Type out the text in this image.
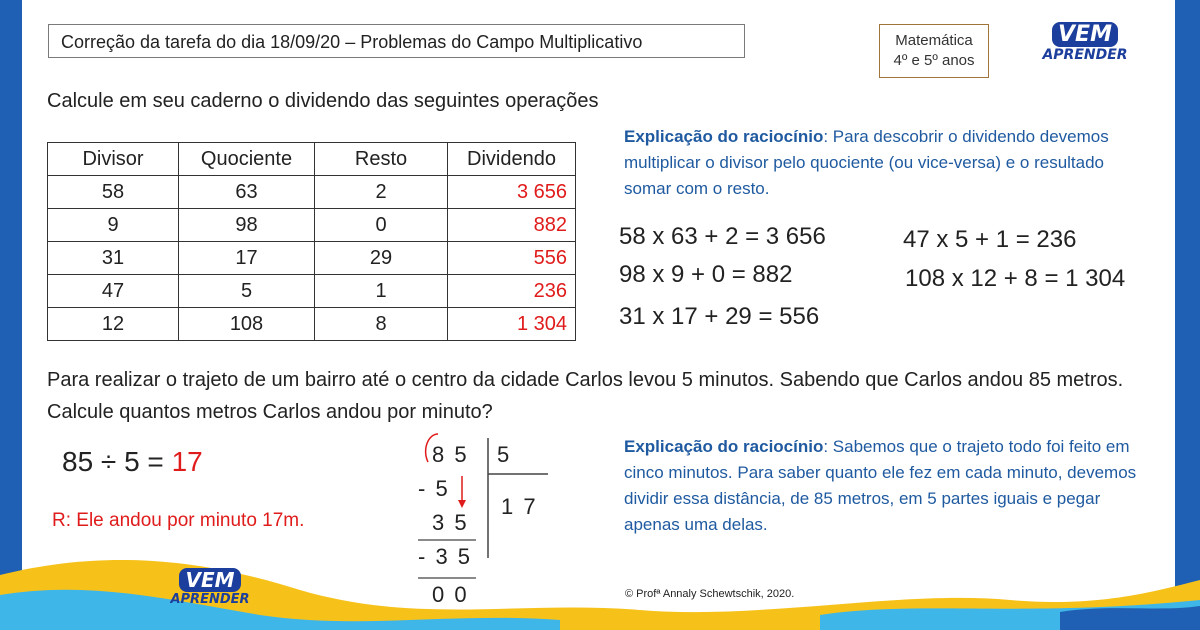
Correção da tarefa do dia 18/09/20 – Problemas do Campo Multiplicativo	Matemática
4º e 5º anos
VEM
APRENDER
Calcule em seu caderno o dividendo das seguintes operações
Divisor	Quociente	Resto	Dividendo
58	63	2	3 656
9	98	0	882
31	17	29	556
47	5	1	236
12	108	8	1 304
Explicação do raciocínio: Para descobrir o dividendo devemos multiplicar o divisor pelo quociente (ou vice-versa) e o resultado somar com o resto.
58 x 63 + 2 = 3 656
98 x 9 + 0 = 882
31 x 17 + 29 = 556
47 x 5 + 1 = 236
108 x 12 + 8 = 1 304
Para realizar o trajeto de um bairro até o centro da cidade Carlos levou 5 minutos. Sabendo que Carlos andou 85 metros. Calcule quantos metros Carlos andou por minuto?
85 ÷ 5 = 17
R: Ele andou por minuto 17m.
8 5 5
- 5
1 7
3 5
- 3 5
0 0
Explicação do raciocínio: Sabemos que o trajeto todo foi feito em cinco minutos. Para saber quanto ele fez em cada minuto, devemos dividir essa distância, de 85 metros, em 5 partes iguais e pegar apenas uma delas.
VEM
APRENDER	© Profª Annaly Schewtschik, 2020.
